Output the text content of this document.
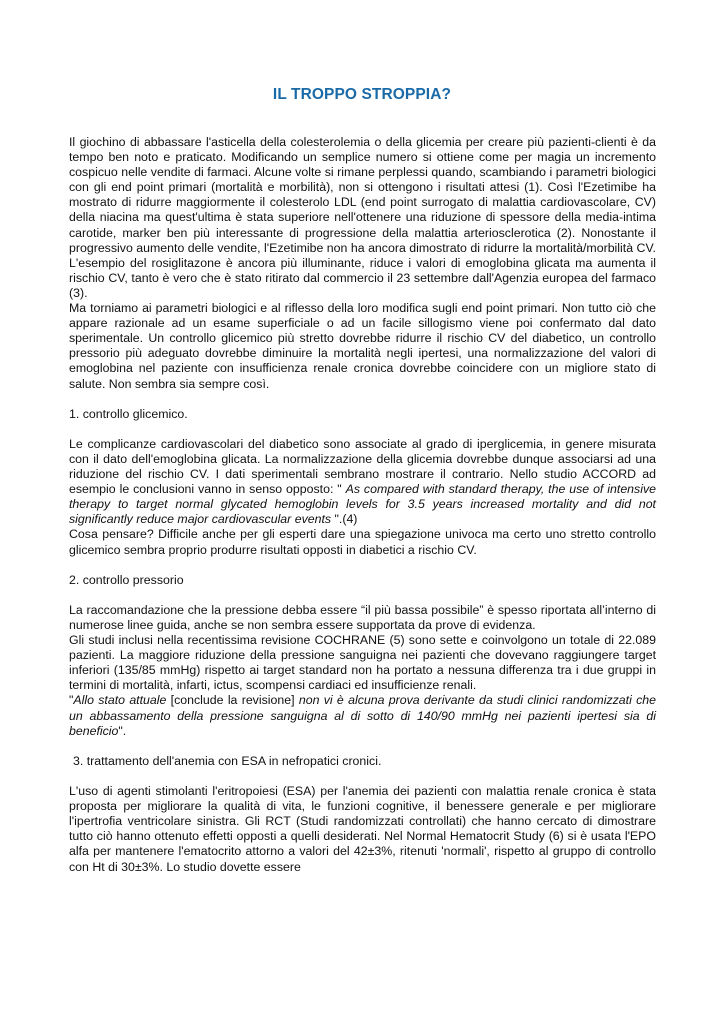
IL TROPPO STROPPIA?

Il giochino di abbassare l'asticella della colesterolemia o della glicemia per creare più pazienti-clienti è da tempo ben noto e praticato. Modificando un semplice numero si ottiene come per magia un incremento cospicuo nelle vendite di farmaci. Alcune volte si rimane perplessi quando, scambiando i parametri biologici con gli end point primari (mortalità e morbilità), non si ottengono i risultati attesi (1). Così l'Ezetimibe ha mostrato di ridurre maggiormente il colesterolo LDL (end point surrogato di malattia cardiovascolare, CV) della niacina ma quest'ultima è stata superiore nell'ottenere una riduzione di spessore della media-intima carotide, marker ben più interessante di progressione della malattia arteriosclerotica (2). Nonostante il progressivo aumento delle vendite, l'Ezetimibe non ha ancora dimostrato di ridurre la mortalità/morbilità CV. L'esempio del rosiglitazone è ancora più illuminante, riduce i valori di emoglobina glicata ma aumenta il rischio CV, tanto è vero che è stato ritirato dal commercio il 23 settembre dall'Agenzia europea del farmaco (3).

Ma torniamo ai parametri biologici e al riflesso della loro modifica sugli end point primari. Non tutto ciò che appare razionale ad un esame superficiale o ad un facile sillogismo viene poi confermato dal dato sperimentale. Un controllo glicemico più stretto dovrebbe ridurre il rischio CV del diabetico, un controllo pressorio più adeguato dovrebbe diminuire la mortalità negli ipertesi, una normalizzazione del valori di emoglobina nel paziente con insufficienza renale cronica dovrebbe coincidere con un migliore stato di salute. Non sembra sia sempre così.

1. controllo glicemico.

Le complicanze cardiovascolari del diabetico sono associate al grado di iperglicemia, in genere misurata con il dato dell'emoglobina glicata. La normalizzazione della glicemia dovrebbe dunque associarsi ad una riduzione del rischio CV. I dati sperimentali sembrano mostrare il contrario. Nello studio ACCORD ad esempio le conclusioni vanno in senso opposto: " As compared with standard therapy, the use of intensive therapy to target normal glycated hemoglobin levels for 3.5 years increased mortality and did not significantly reduce major cardiovascular events ".(4)

Cosa pensare? Difficile anche per gli esperti dare una spiegazione univoca ma certo uno stretto controllo glicemico sembra proprio produrre risultati opposti in diabetici a rischio CV.

2. controllo pressorio

La raccomandazione che la pressione debba essere “il più bassa possibile” è spesso riportata all’interno di numerose linee guida, anche se non sembra essere supportata da prove di evidenza.

Gli studi inclusi nella recentissima revisione COCHRANE (5) sono sette e coinvolgono un totale di 22.089 pazienti. La maggiore riduzione della pressione sanguigna nei pazienti che dovevano raggiungere target inferiori (135/85 mmHg) rispetto ai target standard non ha portato a nessuna differenza tra i due gruppi in termini di mortalità, infarti, ictus, scompensi cardiaci ed insufficienze renali.

"Allo stato attuale [conclude la revisione] non vi è alcuna prova derivante da studi clinici randomizzati che un abbassamento della pressione sanguigna al di sotto di 140/90 mmHg nei pazienti ipertesi sia di beneficio".

3. trattamento dell'anemia con ESA in nefropatici cronici.

L'uso di agenti stimolanti l'eritropoiesi (ESA) per l'anemia dei pazienti con malattia renale cronica è stata proposta per migliorare la qualità di vita, le funzioni cognitive, il benessere generale e per migliorare l'ipertrofia ventricolare sinistra. Gli RCT (Studi randomizzati controllati) che hanno cercato di dimostrare tutto ciò hanno ottenuto effetti opposti a quelli desiderati. Nel Normal Hematocrit Study (6) si è usata l'EPO alfa per mantenere l'ematocrito attorno a valori del 42±3%, ritenuti 'normali', rispetto al gruppo di controllo con Ht di 30±3%. Lo studio dovette essere
